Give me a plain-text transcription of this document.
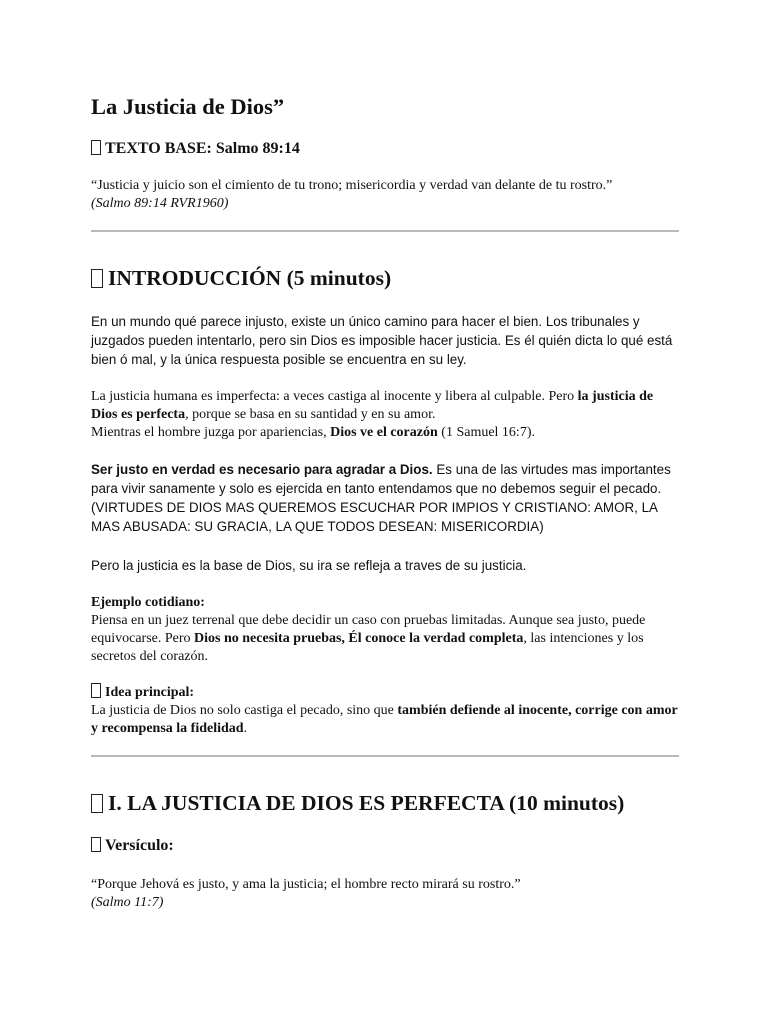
La Justicia de Dios”
TEXTO BASE: Salmo 89:14

“Justicia y juicio son el cimiento de tu trono; misericordia y verdad van delante de tu rostro.”
(Salmo 89:14 RVR1960)

INTRODUCCIÓN (5 minutos)

En un mundo qué parece injusto, existe un único camino para hacer el bien. Los tribunales y juzgados pueden intentarlo, pero sin Dios es imposible hacer justicia. Es él quién dicta lo qué está bien ó mal, y la única respuesta posible se encuentra en su ley.

La justicia humana es imperfecta: a veces castiga al inocente y libera al culpable. Pero la justicia de Dios es perfecta, porque se basa en su santidad y en su amor.
Mientras el hombre juzga por apariencias, Dios ve el corazón (1 Samuel 16:7).

Ser justo en verdad es necesario para agradar a Dios. Es una de las virtudes mas importantes para vivir sanamente y solo es ejercida en tanto entendamos que no debemos seguir el pecado.(VIRTUDES DE DIOS MAS QUEREMOS ESCUCHAR POR IMPIOS Y CRISTIANO: AMOR, LA MAS ABUSADA: SU GRACIA, LA QUE TODOS DESEAN: MISERICORDIA)

Pero la justicia es la base de Dios, su ira se refleja a traves de su justicia.

Ejemplo cotidiano:
Piensa en un juez terrenal que debe decidir un caso con pruebas limitadas. Aunque sea justo, puede equivocarse. Pero Dios no necesita pruebas, Él conoce la verdad completa, las intenciones y los secretos del corazón.

Idea principal:
La justicia de Dios no solo castiga el pecado, sino que también defiende al inocente, corrige con amor y recompensa la fidelidad.

I. LA JUSTICIA DE DIOS ES PERFECTA (10 minutos)
Versículo:

“Porque Jehová es justo, y ama la justicia; el hombre recto mirará su rostro.”
(Salmo 11:7)
